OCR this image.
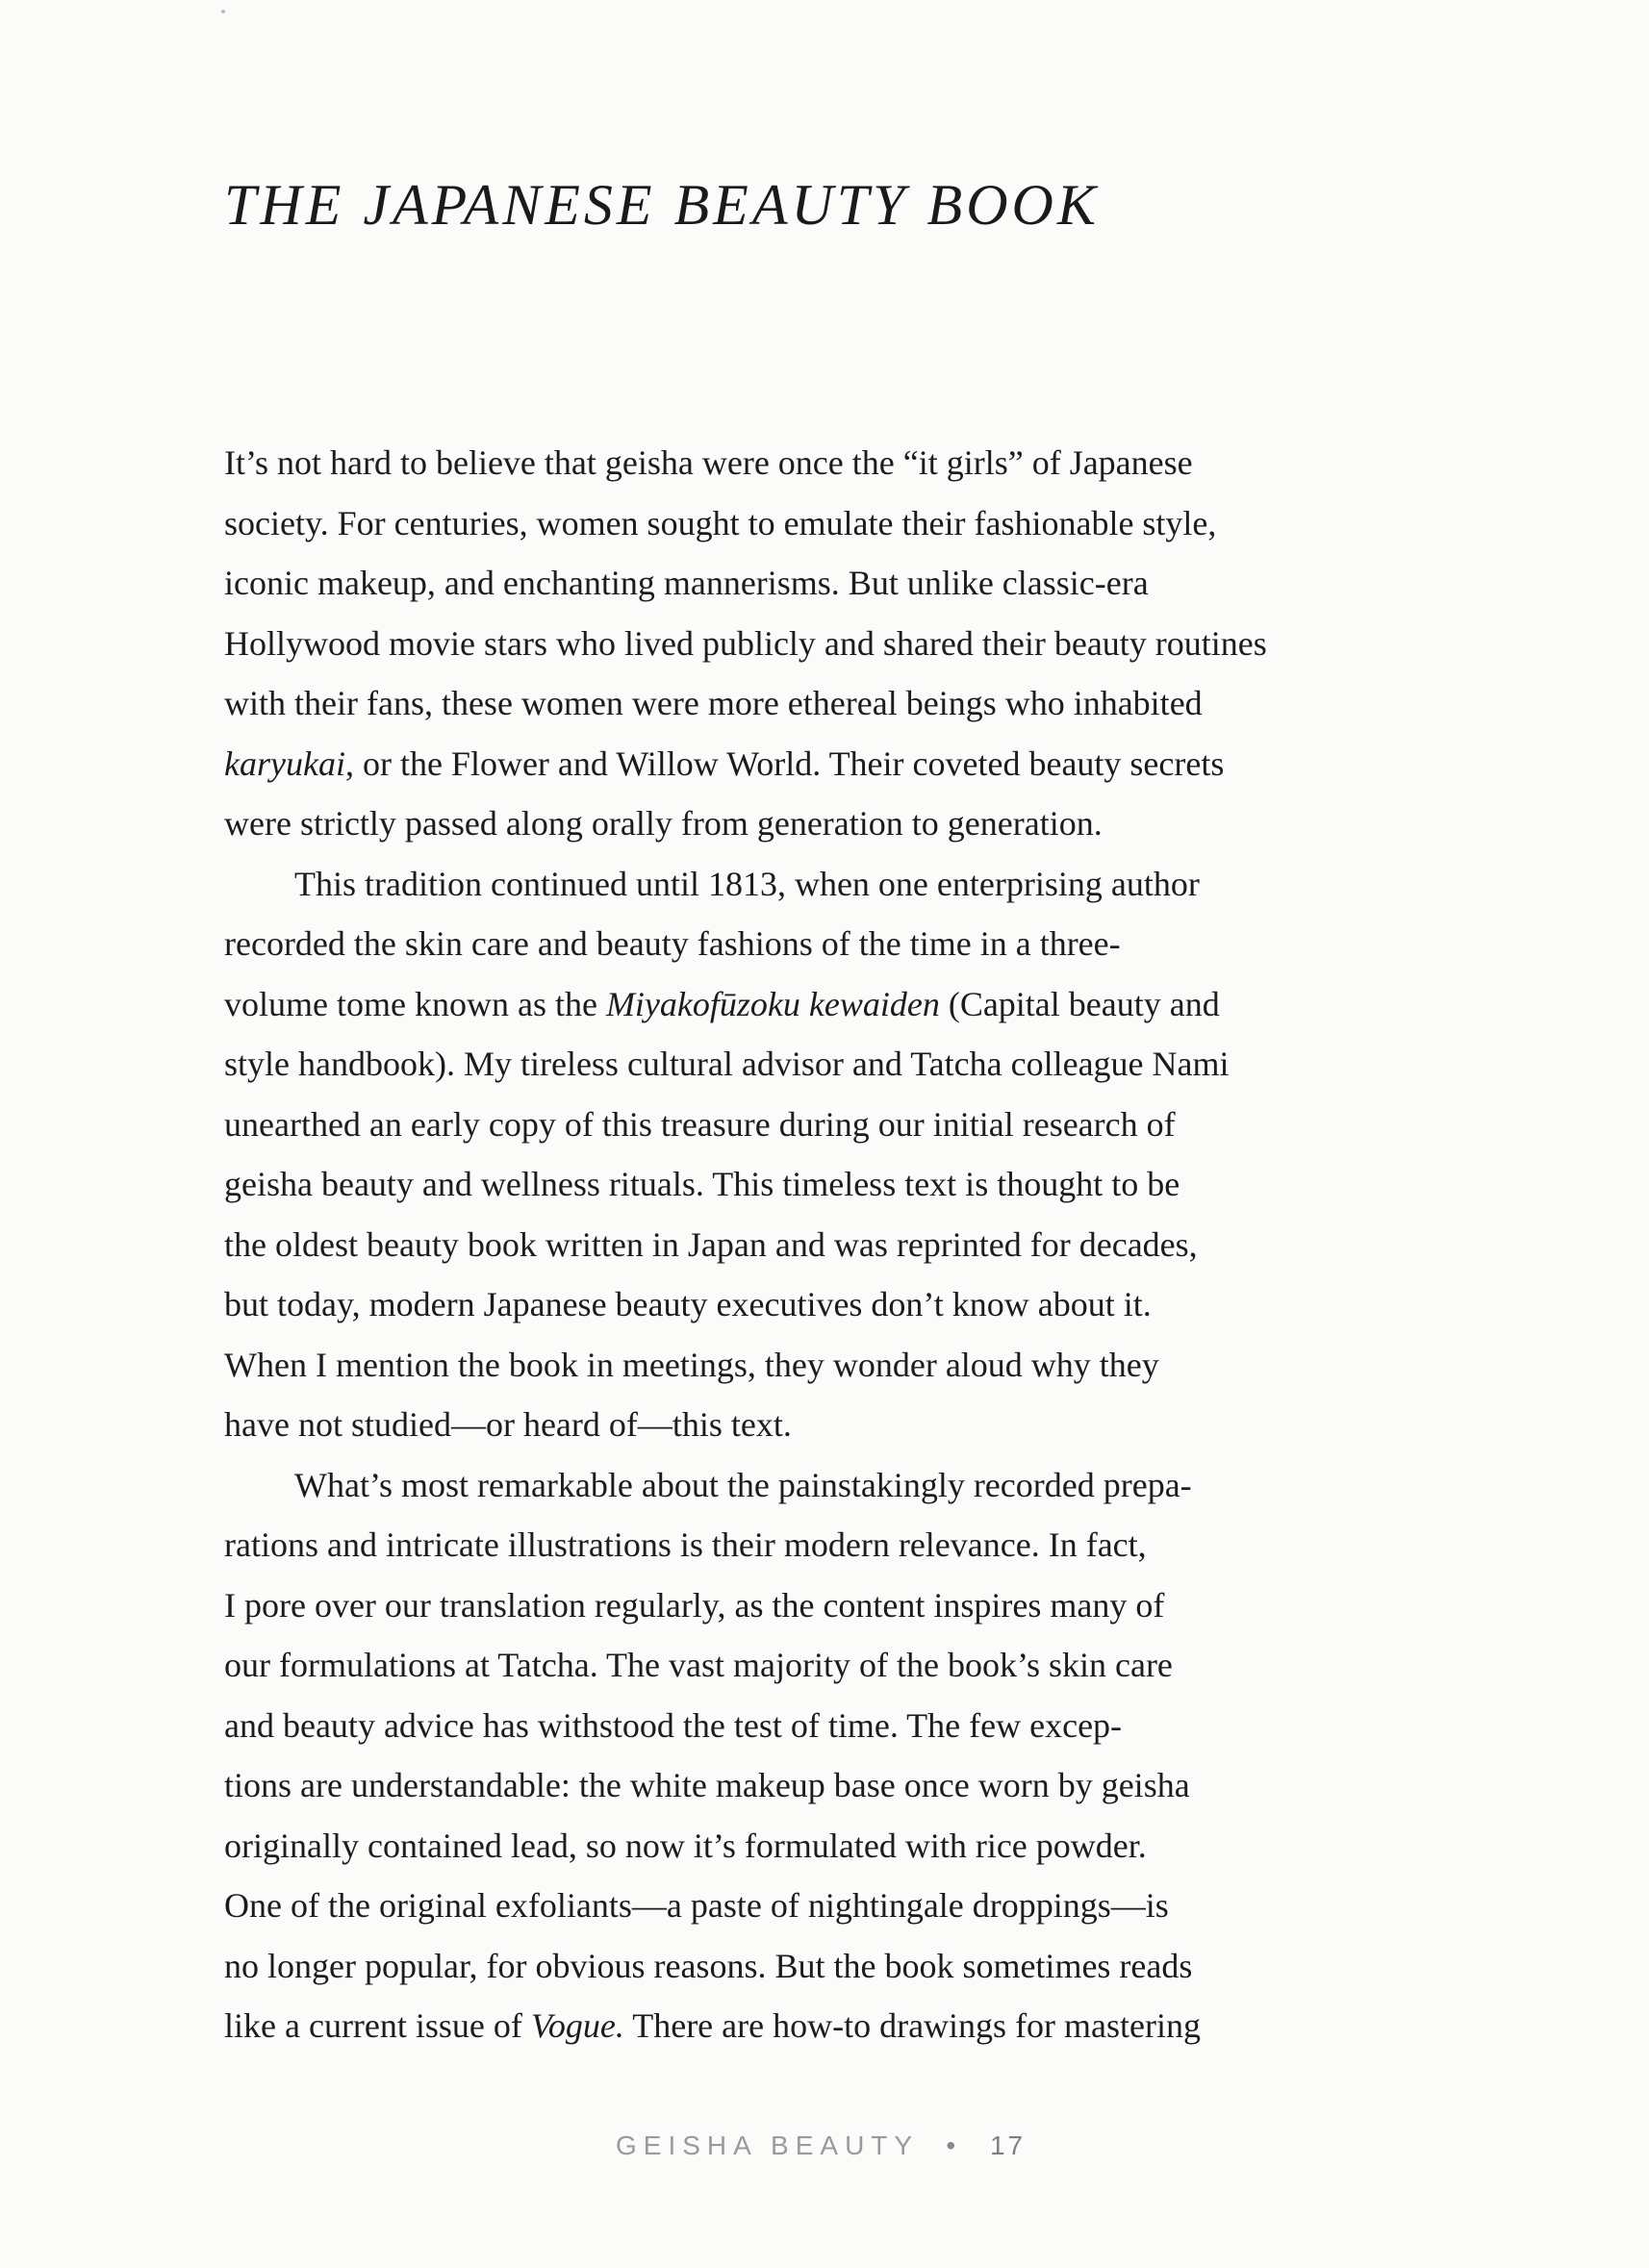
THE JAPANESE BEAUTY BOOK
It’s not hard to believe that geisha were once the “it girls” of Japanese
society. For centuries, women sought to emulate their fashionable style,
iconic makeup, and enchanting mannerisms. But unlike classic-era
Hollywood movie stars who lived publicly and shared their beauty routines
with their fans, these women were more ethereal beings who inhabited
karyukai, or the Flower and Willow World. Their coveted beauty secrets
were strictly passed along orally from generation to generation.
This tradition continued until 1813, when one enterprising author
recorded the skin care and beauty fashions of the time in a three-
volume tome known as the Miyakofūzoku kewaiden (Capital beauty and
style handbook). My tireless cultural advisor and Tatcha colleague Nami
unearthed an early copy of this treasure during our initial research of
geisha beauty and wellness rituals. This timeless text is thought to be
the oldest beauty book written in Japan and was reprinted for decades,
but today, modern Japanese beauty executives don’t know about it.
When I mention the book in meetings, they wonder aloud why they
have not studied—or heard of—this text.
What’s most remarkable about the painstakingly recorded prepa-
rations and intricate illustrations is their modern relevance. In fact,
I pore over our translation regularly, as the content inspires many of
our formulations at Tatcha. The vast majority of the book’s skin care
and beauty advice has withstood the test of time. The few excep-
tions are understandable: the white makeup base once worn by geisha
originally contained lead, so now it’s formulated with rice powder.
One of the original exfoliants—a paste of nightingale droppings—is
no longer popular, for obvious reasons. But the book sometimes reads
like a current issue of Vogue. There are how-to drawings for mastering
GEISHA BEAUTY • 17
